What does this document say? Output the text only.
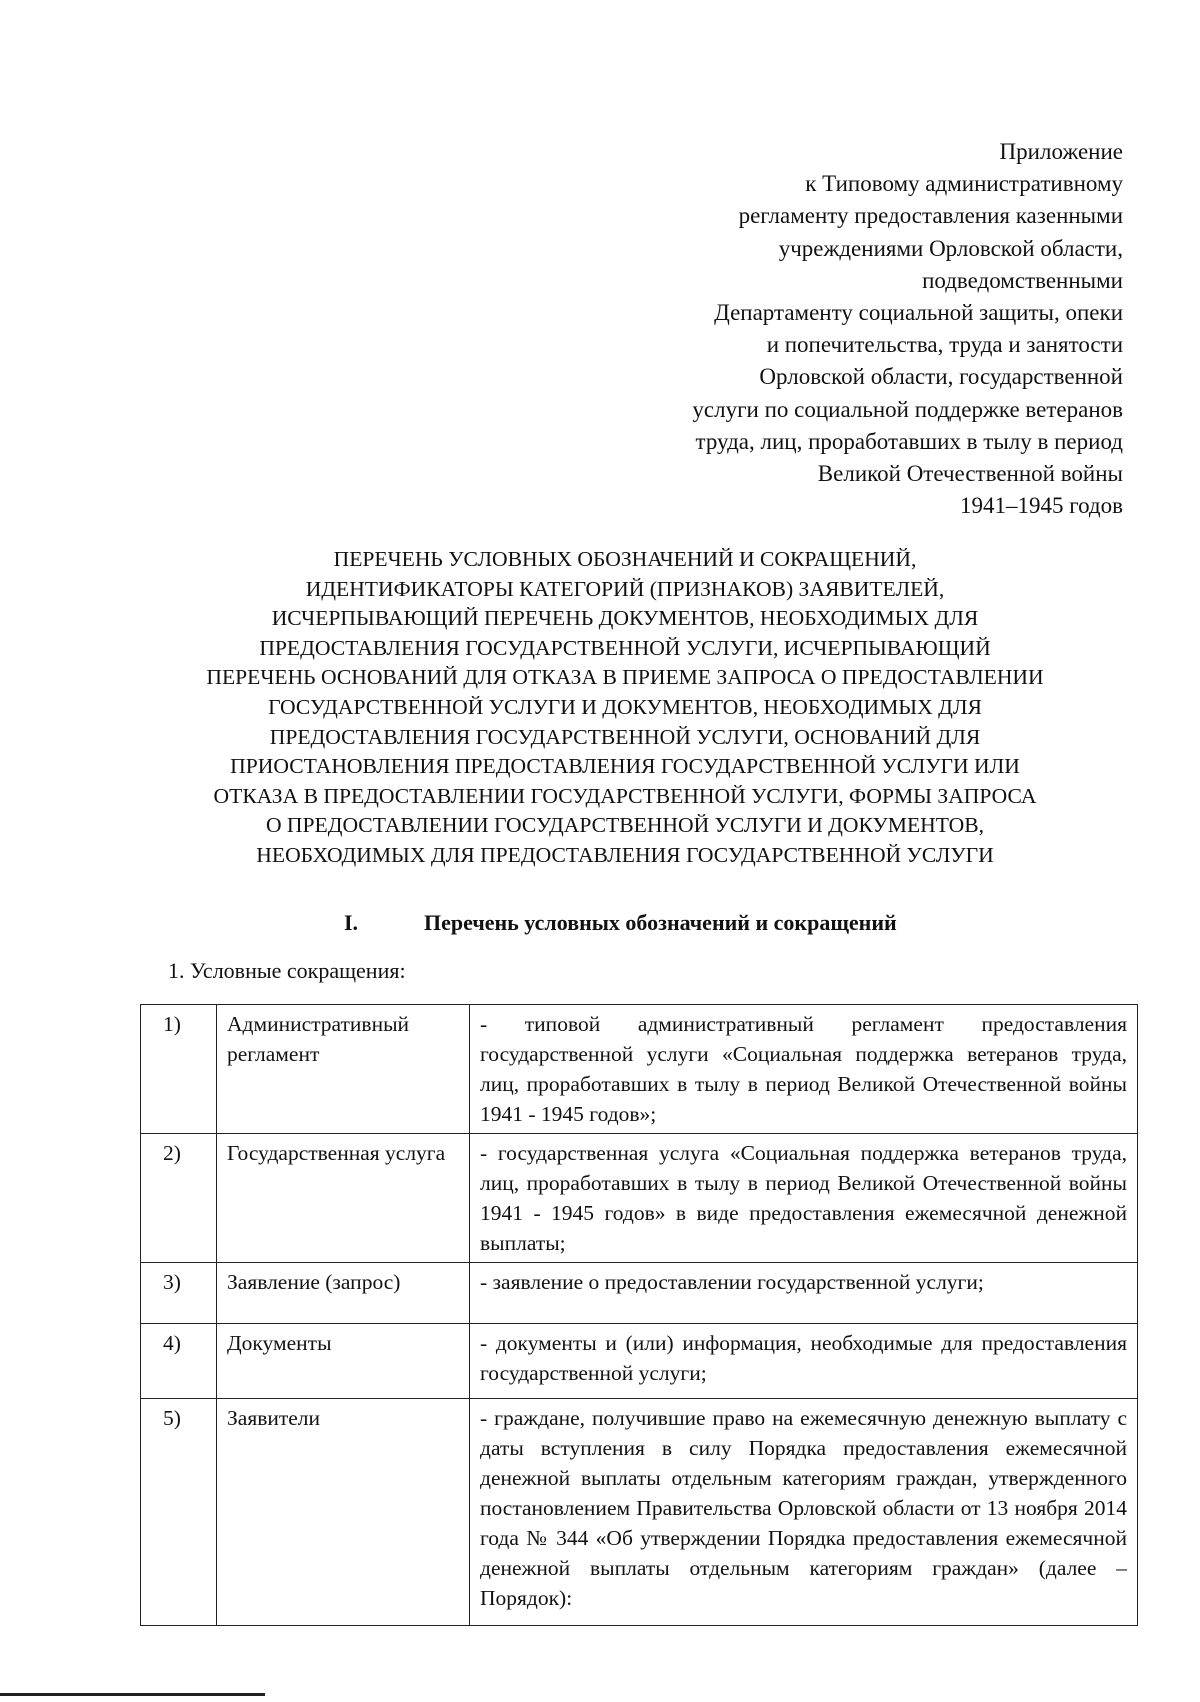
Приложение
к Типовому административному
регламенту предоставления казенными
учреждениями Орловской области,
подведомственными
Департаменту социальной защиты, опеки
и попечительства, труда и занятости
Орловской области, государственной
услуги по социальной поддержке ветеранов
труда, лиц, проработавших в тылу в период
Великой Отечественной войны
1941–1945 годов
ПЕРЕЧЕНЬ УСЛОВНЫХ ОБОЗНАЧЕНИЙ И СОКРАЩЕНИЙ,
ИДЕНТИФИКАТОРЫ КАТЕГОРИЙ (ПРИЗНАКОВ) ЗАЯВИТЕЛЕЙ,
ИСЧЕРПЫВАЮЩИЙ ПЕРЕЧЕНЬ ДОКУМЕНТОВ, НЕОБХОДИМЫХ ДЛЯ
ПРЕДОСТАВЛЕНИЯ ГОСУДАРСТВЕННОЙ УСЛУГИ, ИСЧЕРПЫВАЮЩИЙ
ПЕРЕЧЕНЬ ОСНОВАНИЙ ДЛЯ ОТКАЗА В ПРИЕМЕ ЗАПРОСА О ПРЕДОСТАВЛЕНИИ
ГОСУДАРСТВЕННОЙ УСЛУГИ И ДОКУМЕНТОВ, НЕОБХОДИМЫХ ДЛЯ
ПРЕДОСТАВЛЕНИЯ ГОСУДАРСТВЕННОЙ УСЛУГИ, ОСНОВАНИЙ ДЛЯ
ПРИОСТАНОВЛЕНИЯ ПРЕДОСТАВЛЕНИЯ ГОСУДАРСТВЕННОЙ УСЛУГИ ИЛИ
ОТКАЗА В ПРЕДОСТАВЛЕНИИ ГОСУДАРСТВЕННОЙ УСЛУГИ, ФОРМЫ ЗАПРОСА
О ПРЕДОСТАВЛЕНИИ ГОСУДАРСТВЕННОЙ УСЛУГИ И ДОКУМЕНТОВ,
НЕОБХОДИМЫХ ДЛЯ ПРЕДОСТАВЛЕНИЯ ГОСУДАРСТВЕННОЙ УСЛУГИ
I.	Перечень условных обозначений и сокращений
1. Условные сокращения:
1)	Административный регламент	- типовой административный регламент предоставления государственной услуги «Социальная поддержка ветеранов труда, лиц, проработавших в тылу в период Великой Отечественной войны 1941 - 1945 годов»;
2)	Государственная услуга	- государственная услуга «Социальная поддержка ветеранов труда, лиц, проработавших в тылу в период Великой Отечественной войны 1941 - 1945 годов» в виде предоставления ежемесячной денежной выплаты;
3)	Заявление (запрос)	- заявление о предоставлении государственной услуги;
4)	Документы	- документы и (или) информация, необходимые для предоставления государственной услуги;
5)	Заявители	- граждане, получившие право на ежемесячную денежную выплату с даты вступления в силу Порядка предоставления ежемесячной денежной выплаты отдельным категориям граждан, утвержденного постановлением Правительства Орловской области от 13 ноября 2014 года № 344 «Об утверждении Порядка предоставления ежемесячной денежной выплаты отдельным категориям граждан» (далее – Порядок):
